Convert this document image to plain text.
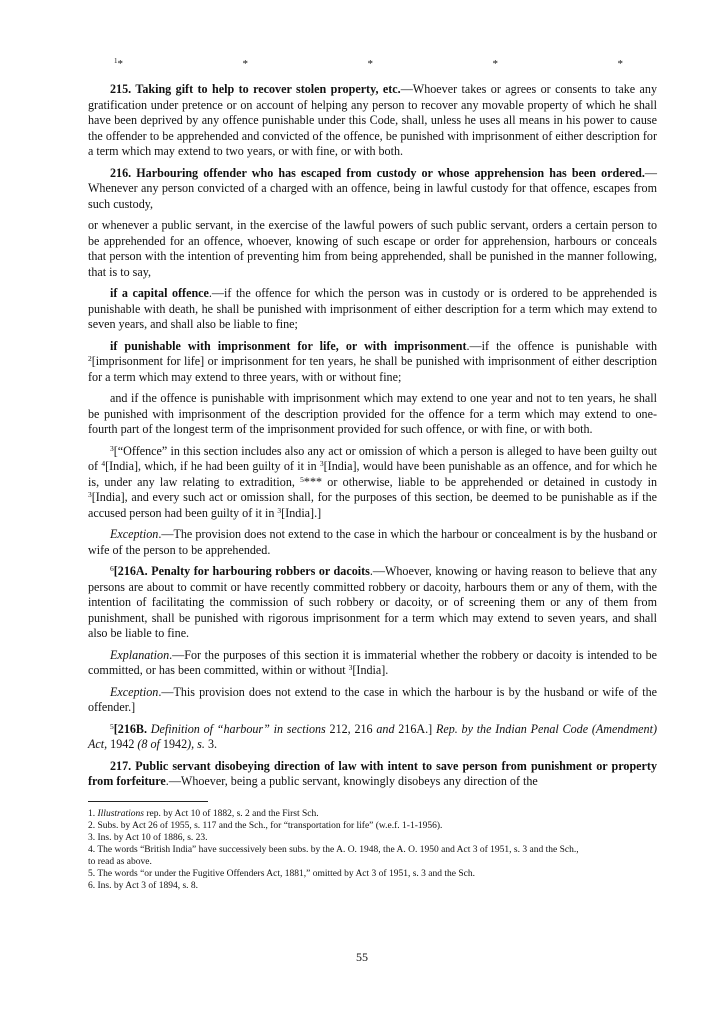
$^1$*	*	*	*	*

215. Taking gift to help to recover stolen property, etc.—Whoever takes or agrees or consents to take any gratification under pretence or on account of helping any person to recover any movable property of which he shall have been deprived by any offence punishable under this Code, shall, unless he uses all means in his power to cause the offender to be apprehended and convicted of the offence, be punished with imprisonment of either description for a term which may extend to two years, or with fine, or with both.

216. Harbouring offender who has escaped from custody or whose apprehension has been ordered.—Whenever any person convicted of a charged with an offence, being in lawful custody for that offence, escapes from such custody,

or whenever a public servant, in the exercise of the lawful powers of such public servant, orders a certain person to be apprehended for an offence, whoever, knowing of such escape or order for apprehension, harbours or conceals that person with the intention of preventing him from being apprehended, shall be punished in the manner following, that is to say,

if a capital offence.—if the offence for which the person was in custody or is ordered to be apprehended is punishable with death, he shall be punished with imprisonment of either description for a term which may extend to seven years, and shall also be liable to fine;

if punishable with imprisonment for life, or with imprisonment.—if the offence is punishable with $^2$[imprisonment for life] or imprisonment for ten years, he shall be punished with imprisonment of either description for a term which may extend to three years, with or without fine;

and if the offence is punishable with imprisonment which may extend to one year and not to ten years, he shall be punished with imprisonment of the description provided for the offence for a term which may extend to one-fourth part of the longest term of the imprisonment provided for such offence, or with fine, or with both.

$^3$[“Offence” in this section includes also any act or omission of which a person is alleged to have been guilty out of $^4$[India], which, if he had been guilty of it in $^3$[India], would have been punishable as an offence, and for which he is, under any law relating to extradition, $^5$*** or otherwise, liable to be apprehended or detained in custody in $^3$[India], and every such act or omission shall, for the purposes of this section, be deemed to be punishable as if the accused person had been guilty of it in $^3$[India].]

Exception.—The provision does not extend to the case in which the harbour or concealment is by the husband or wife of the person to be apprehended.

$^6$[216A. Penalty for harbouring robbers or dacoits.—Whoever, knowing or having reason to believe that any persons are about to commit or have recently committed robbery or dacoity, harbours them or any of them, with the intention of facilitating the commission of such robbery or dacoity, or of screening them or any of them from punishment, shall be punished with rigorous imprisonment for a term which may extend to seven years, and shall also be liable to fine.

Explanation.—For the purposes of this section it is immaterial whether the robbery or dacoity is intended to be committed, or has been committed, within or without $^3$[India].

Exception.—This provision does not extend to the case in which the harbour is by the husband or wife of the offender.]

$^5$[216B. Definition of “harbour” in sections 212, 216 and 216A.] Rep. by the Indian Penal Code (Amendment) Act, 1942 (8 of 1942), s. 3.

217. Public servant disobeying direction of law with intent to save person from punishment or property from forfeiture.—Whoever, being a public servant, knowingly disobeys any direction of the

1. Illustrations rep. by Act 10 of 1882, s. 2 and the First Sch.

2. Subs. by Act 26 of 1955, s. 117 and the Sch., for “transportation for life” (w.e.f. 1-1-1956).

3. Ins. by Act 10 of 1886, s. 23.

4. The words “British India” have successively been subs. by the A. O. 1948, the A. O. 1950 and Act 3 of 1951, s. 3 and the Sch.,

to read as above.

5. The words “or under the Fugitive Offenders Act, 1881,” omitted by Act 3 of 1951, s. 3 and the Sch.

6. Ins. by Act 3 of 1894, s. 8.

55
